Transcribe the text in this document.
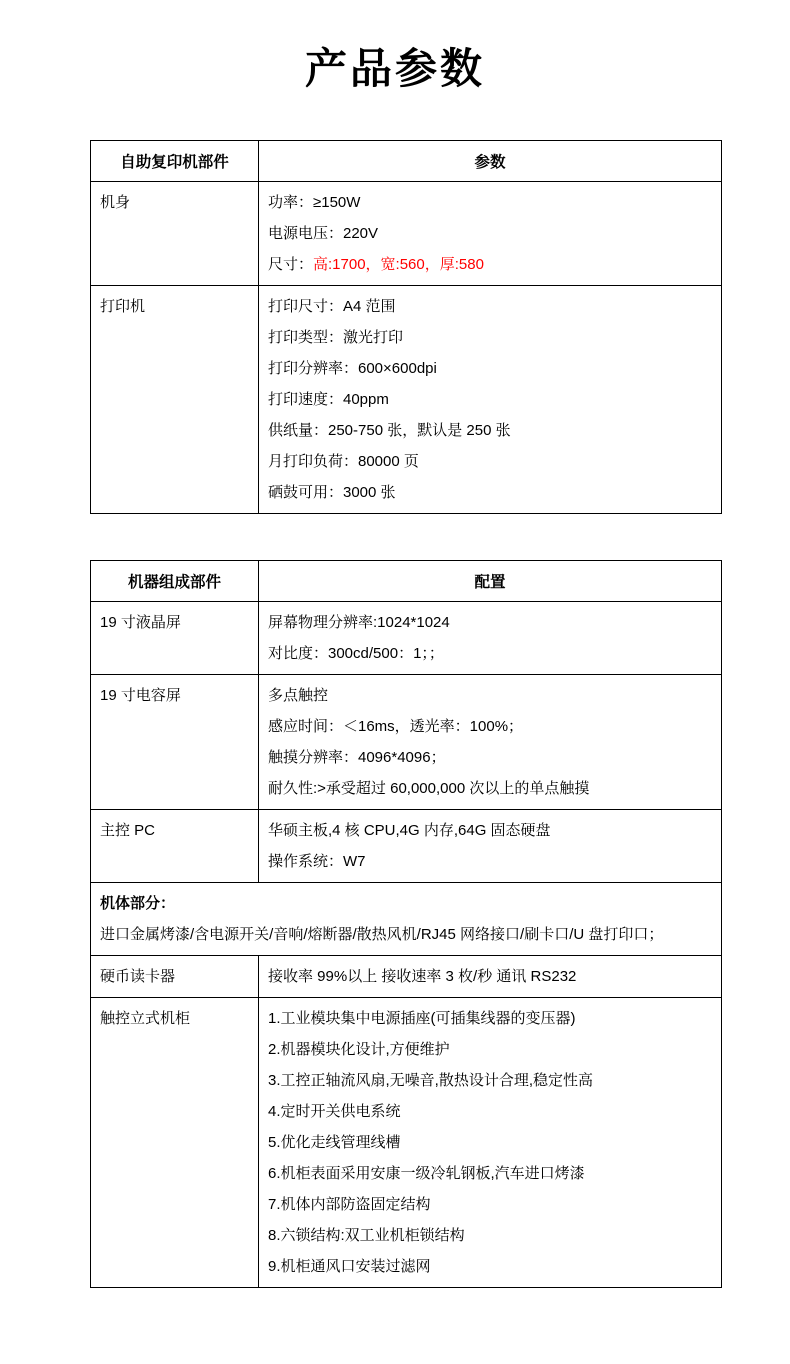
产品参数
自助复印机部件	参数

机身	功率：≥150W

电源电压：220V

尺寸：高:1700，宽:560，厚:580

打印机	打印尺寸：A4 范围

打印类型：激光打印

打印分辨率：600×600dpi

打印速度：40ppm

供纸量：250-750 张，默认是 250 张

月打印负荷：80000 页

硒鼓可用：3000 张

机器组成部件	配置

19 寸液晶屏	屏幕物理分辨率:1024*1024

对比度：300cd/500：1；；

19 寸电容屏	多点触控

感应时间：＜16ms，透光率：100%；

触摸分辨率：4096*4096；

耐久性:>承受超过 60,000,000 次以上的单点触摸

主控 PC	华硕主板,4 核 CPU,4G 内存,64G 固态硬盘

操作系统：W7

机体部分：

进口金属烤漆/含电源开关/音响/熔断器/散热风机/RJ45 网络接口/刷卡口/U 盘打印口；	

硬币读卡器	接收率 99%以上 接收速率 3 枚/秒 通讯 RS232

触控立式机柜	1.工业模块集中电源插座(可插集线器的变压器)

2.机器模块化设计,方便维护

3.工控正轴流风扇,无噪音,散热设计合理,稳定性高

4.定时开关供电系统

5.优化走线管理线槽

6.机柜表面采用安康一级冷轧钢板,汽车进口烤漆

7.机体内部防盗固定结构

8.六锁结构:双工业机柜锁结构

9.机柜通风口安装过滤网
